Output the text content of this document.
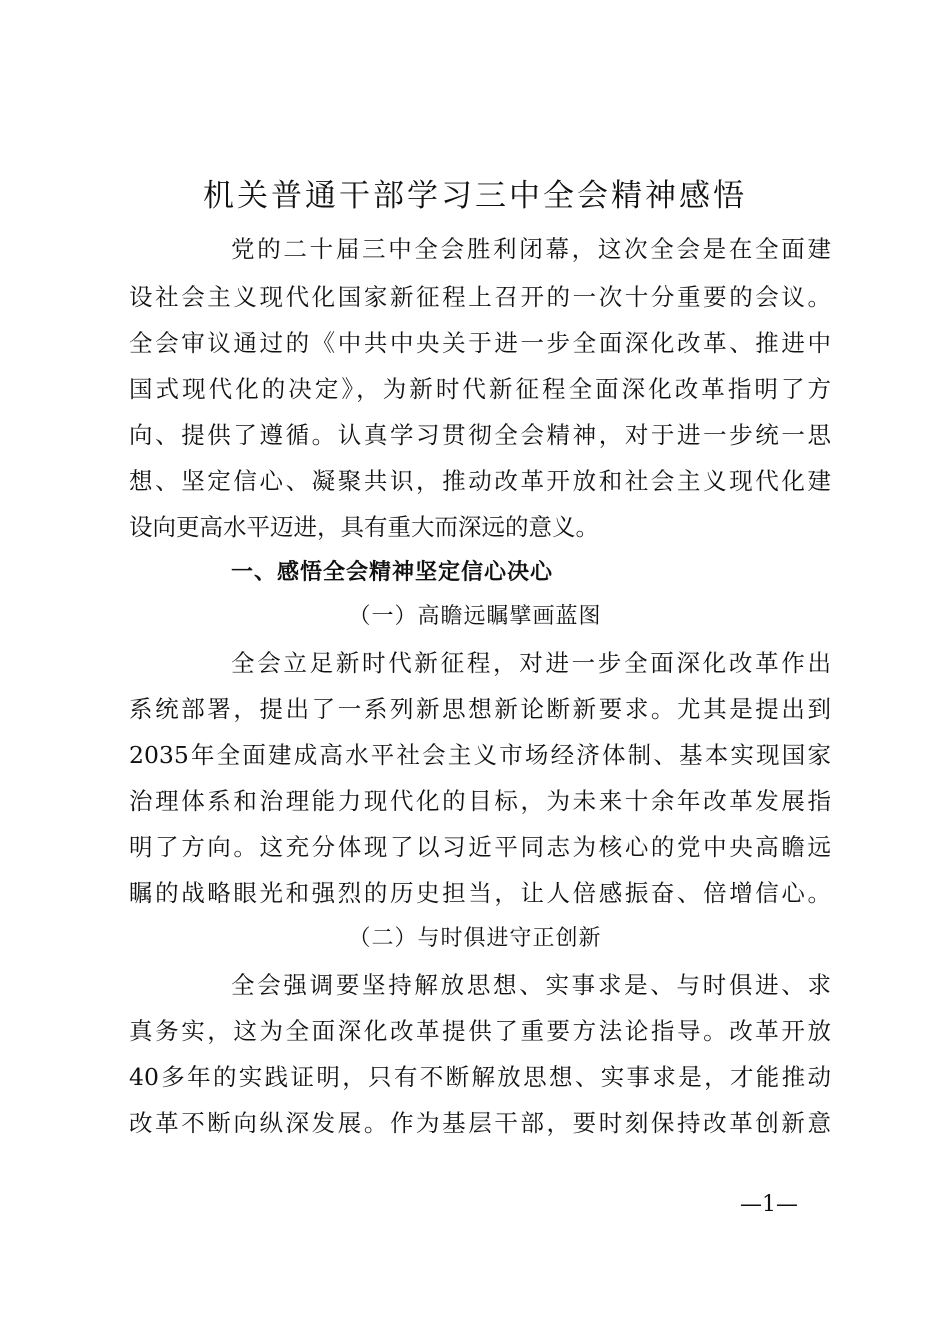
机关普通干部学习三中全会精神感悟
党的二十届三中全会胜利闭幕，这次全会是在全面建
设社会主义现代化国家新征程上召开的一次十分重要的会议。
全会审议通过的《中共中央关于进一步全面深化改革、推进中
国式现代化的决定》，为新时代新征程全面深化改革指明了方
向、提供了遵循。认真学习贯彻全会精神，对于进一步统一思
想、坚定信心、凝聚共识，推动改革开放和社会主义现代化建
设向更高水平迈进，具有重大而深远的意义。
一、感悟全会精神坚定信心决心
（一）高瞻远瞩擘画蓝图
全会立足新时代新征程，对进一步全面深化改革作出
系统部署，提出了一系列新思想新论断新要求。尤其是提出到
2035年全面建成高水平社会主义市场经济体制、基本实现国家
治理体系和治理能力现代化的目标，为未来十余年改革发展指
明了方向。这充分体现了以习近平同志为核心的党中央高瞻远
瞩的战略眼光和强烈的历史担当，让人倍感振奋、倍增信心。
（二）与时俱进守正创新
全会强调要坚持解放思想、实事求是、与时俱进、求
真务实，这为全面深化改革提供了重要方法论指导。改革开放
40多年的实践证明，只有不断解放思想、实事求是，才能推动
改革不断向纵深发展。作为基层干部，要时刻保持改革创新意
—1—
